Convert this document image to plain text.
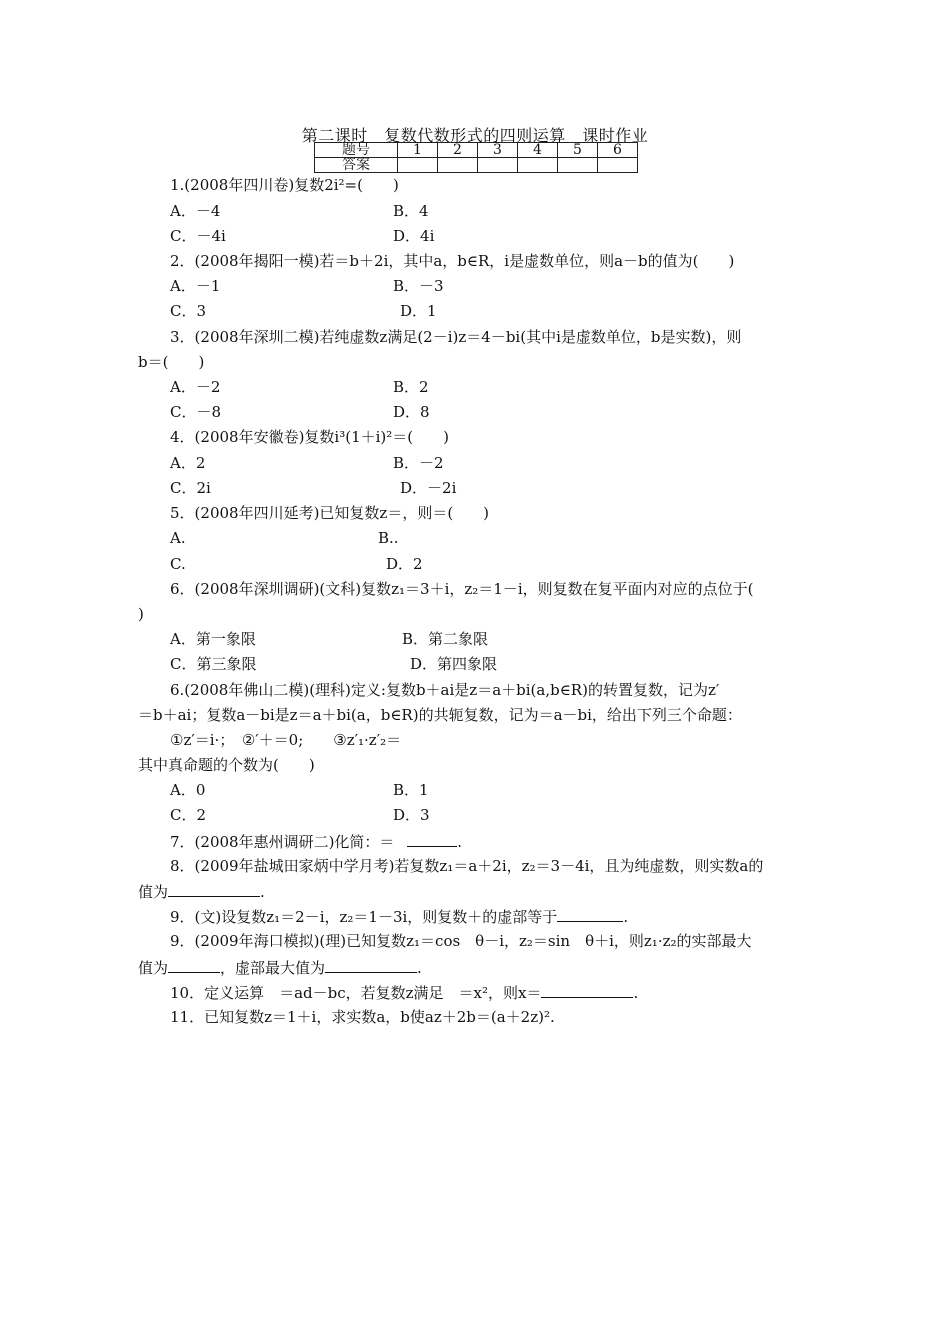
第二课时　复数代数形式的四则运算　课时作业
题号	1	2	3	4	5	6
答案						
1.(2008年四川卷)复数2i²=(　　)
A．－4	B．4
C．－4i	D．4i
2．(2008年揭阳一模)若＝b＋2i，其中a，b∈R，i是虚数单位，则a－b的值为(　　)
A．－1	B．－3
C．3	D．1
3．(2008年深圳二模)若纯虚数z满足(2－i)z＝4－bi(其中i是虚数单位，b是实数)，则
b＝(　　)
A．－2	B．2
C．－8	D．8
4．(2008年安徽卷)复数i³(1＋i)²＝(　　)
A．2	B．－2
C．2i	D．－2i
5．(2008年四川延考)已知复数z＝，则＝(　　)
A.	B..
C.	D．2
6．(2008年深圳调研)(文科)复数z₁＝3＋i，z₂＝1－i，则复数在复平面内对应的点位于(
)
A．第一象限	B．第二象限
C．第三象限	D．第四象限
6.(2008年佛山二模)(理科)定义:复数b＋ai是z＝a＋bi(a,b∈R)的转置复数，记为z′
＝b＋ai；复数a－bi是z＝a＋bi(a，b∈R)的共轭复数，记为＝a－bi，给出下列三个命题：
①z′＝i·；　②′＋＝0;　　③z′₁·z′₂＝
其中真命题的个数为(　　)
A．0	B．1
C．2	D．3
7．(2008年惠州调研二)化简：＝	.
8．(2009年盐城田家炳中学月考)若复数z₁＝a＋2i，z₂＝3－4i，且为纯虚数，则实数a的
值为	.
9．(文)设复数z₁＝2－i，z₂＝1－3i，则复数＋的虚部等于	.
9．(2009年海口模拟)(理)已知复数z₁＝cos　θ－i，z₂＝sin　θ＋i，则z₁·z₂的实部最大
值为	，虚部最大值为	.
10．定义运算　＝ad－bc，若复数z满足　＝x²，则x＝	.
11．已知复数z＝1＋i，求实数a，b使az＋2b＝(a＋2z)².
